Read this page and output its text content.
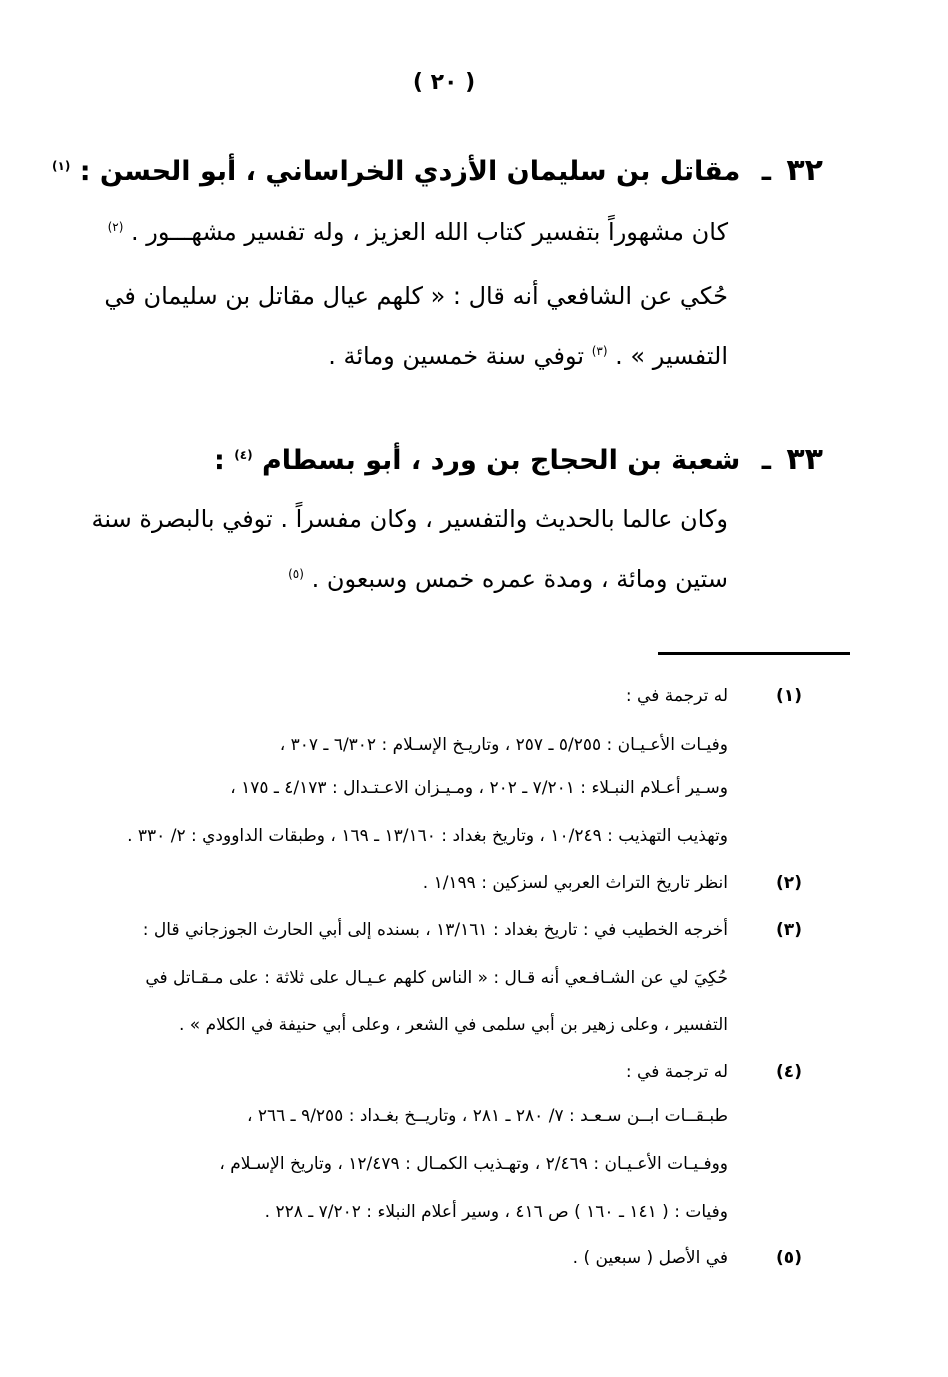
( ٢٠ )
٣٢ ـ مقاتل بن سليمان الأزدي الخراساني ، أبو الحسن : $^{(١)}$
كان مشهوراً بتفسير كتاب الله العزيز ، وله تفسير مشهـــور . $^{(٢)}$
حُكي عن الشافعي أنه قال : « كلهم عيال مقاتل بن سليمان في
التفسير » . $^{(٣)}$ توفي سنة خمسين ومائة .
٣٣ ـ شعبة بن الحجاج بن ورد ، أبو بسطام $^{(٤)}$ :
وكان عالما بالحديث والتفسير ، وكان مفسراً . توفي بالبصرة سنة
ستين ومائة ، ومدة عمره خمس وسبعون . $^{(٥)}$
(١)
له ترجمة في :
وفيـات الأعـيـان : ٥/٢٥٥ ـ ٢٥٧ ، وتاريـخ الإسـلام : ٦/٣٠٢ ـ ٣٠٧ ،
وسـير أعـلام النبـلاء : ٧/٢٠١ ـ ٢٠٢ ، ومـيـزان الاعـتـدال : ٤/١٧٣ ـ ١٧٥ ،
وتهذيب التهذيب : ١٠/٢٤٩ ، وتاريخ بغداد : ١٣/١٦٠ ـ ١٦٩ ، وطبقات الداوودي : ٢/ ٣٣٠ .
(٢)
انظر تاريخ التراث العربي لسزكين : ١/١٩٩ .
(٣)
أخرجه الخطيب في : تاريخ بغداد : ١٣/١٦١ ، بسنده إلى أبي الحارث الجوزجاني قال :
حُكِيَ لي عن الشـافـعي أنه قـال : « الناس كلهم عـيـال على ثلاثة : على مـقـاتل في
التفسير ، وعلى زهير بن أبي سلمى في الشعر ، وعلى أبي حنيفة في الكلام » .
(٤)
له ترجمة في :
طبـقــات ابــن سـعـد : ٧/ ٢٨٠ ـ ٢٨١ ، وتاريــخ بغـداد : ٩/٢٥٥ ـ ٢٦٦ ،
ووفـيـات الأعـيـان : ٢/٤٦٩ ، وتهـذيب الكمـال : ١٢/٤٧٩ ، وتاريخ الإسـلام ،
وفيات : ( ١٤١ ـ ١٦٠ ) ص ٤١٦ ، وسير أعلام النبلاء : ٧/٢٠٢ ـ ٢٢٨ .
(٥)
في الأصل ( سبعين ) .
